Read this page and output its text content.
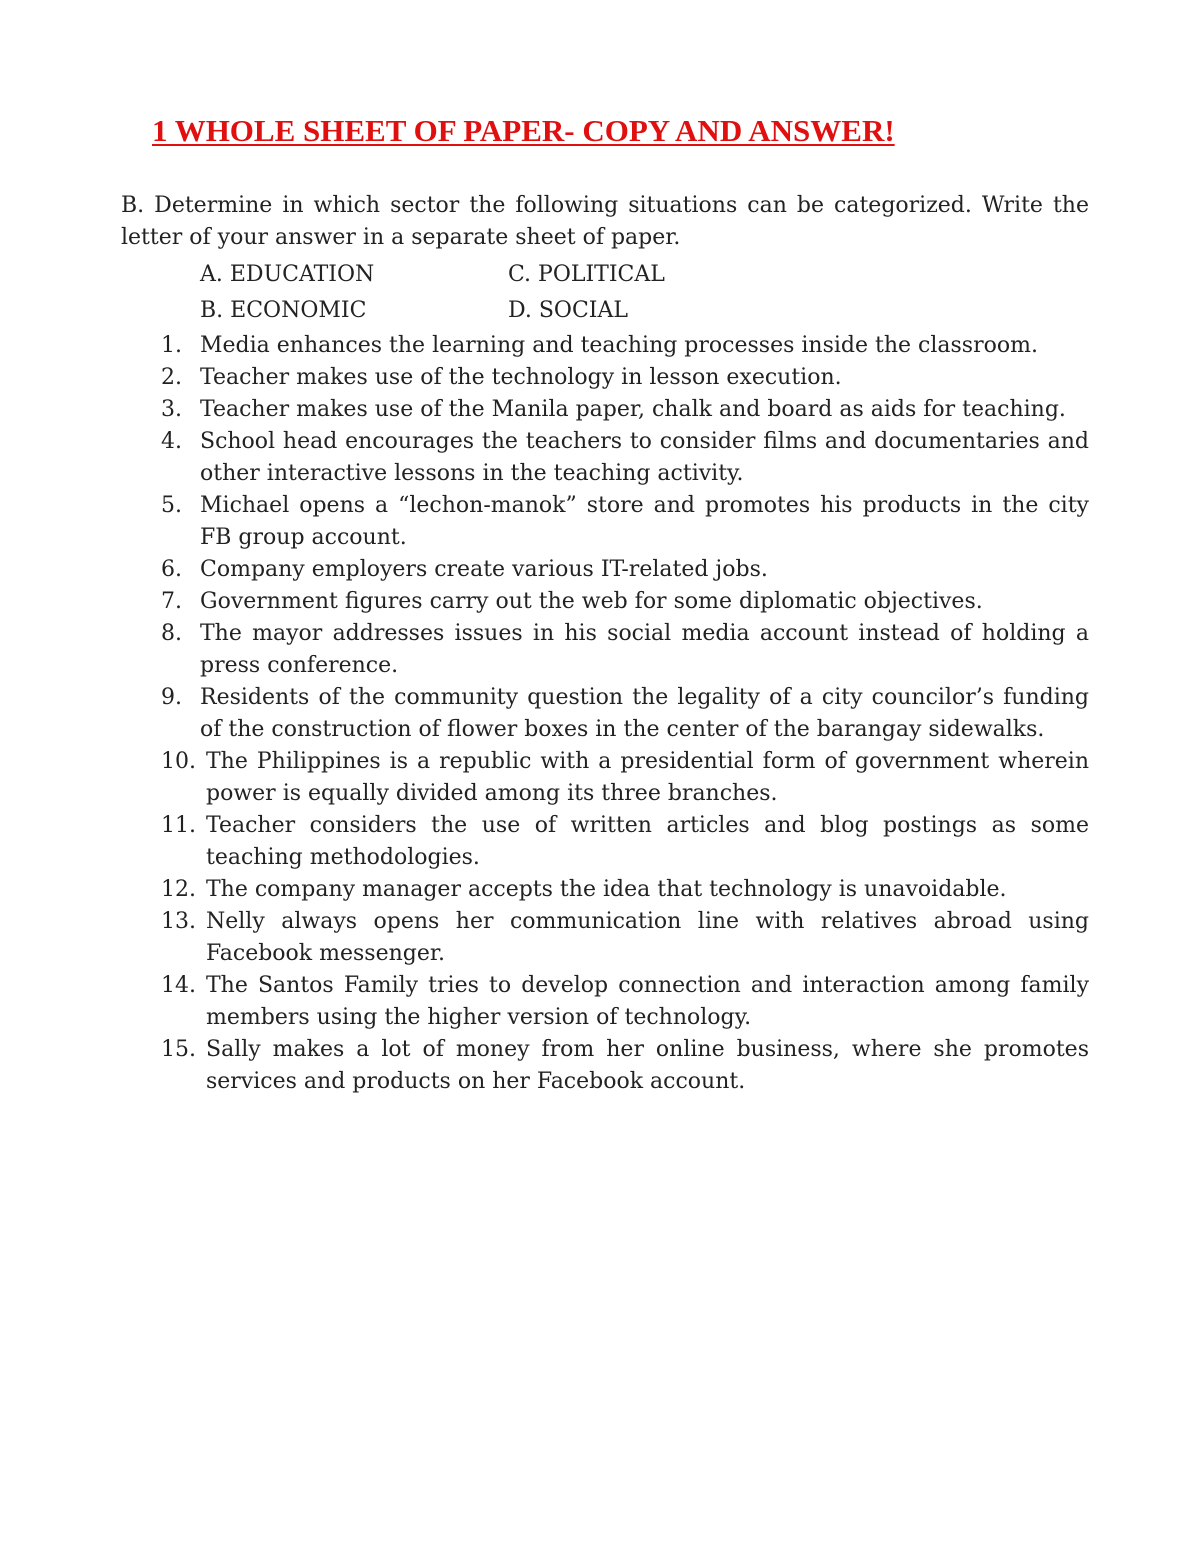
1 WHOLE SHEET OF PAPER- COPY AND ANSWER!
B. Determine in which sector the following situations can be categorized. Write the letter of your answer in a separate sheet of paper.
A. EDUCATION	C. POLITICAL
B. ECONOMIC	D. SOCIAL
1. Media enhances the learning and teaching processes inside the classroom.
2. Teacher makes use of the technology in lesson execution.
3. Teacher makes use of the Manila paper, chalk and board as aids for teaching.
4. School head encourages the teachers to consider films and documentaries and other interactive lessons in the teaching activity.
5. Michael opens a “lechon-manok” store and promotes his products in the city FB group account.
6. Company employers create various IT-related jobs.
7. Government figures carry out the web for some diplomatic objectives.
8. The mayor addresses issues in his social media account instead of holding a press conference.
9. Residents of the community question the legality of a city councilor’s funding of the construction of flower boxes in the center of the barangay sidewalks.
10. The Philippines is a republic with a presidential form of government wherein power is equally divided among its three branches.
11. Teacher considers the use of written articles and blog postings as some teaching methodologies.
12. The company manager accepts the idea that technology is unavoidable.
13. Nelly always opens her communication line with relatives abroad using Facebook messenger.
14. The Santos Family tries to develop connection and interaction among family members using the higher version of technology.
15. Sally makes a lot of money from her online business, where she promotes services and products on her Facebook account.
